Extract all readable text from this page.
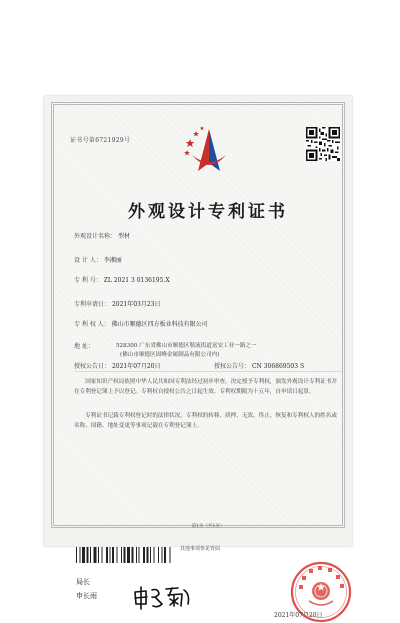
证书号第6721929号
外观设计专利证书
外观设计名称： 型材
设 计 人： 李湘丽
专 利 号： ZL 2021 3 0136195.X
专利申请日： 2021年03月23日
专 利 权 人： 佛山市顺德区四方板业科技有限公司
地 址：	528300 广东省佛山市顺德区勒流街道富安工业一路之一
(佛山市顺德区固峰金属制品有限公司内)
授权公告日： 2021年07月20日	授权公告号： CN 306869503 S
国家知识产权局依照中华人民共和国专利法经过初步审查，决定授予专利权，颁发外观设计专利证书并在专利登记簿上予以登记。专利权自授权公告之日起生效。专利权期限为十五年，自申请日起算。
专利证书记载专利权登记时的法律状况。专利权的转移、质押、无效、终止、恢复和专利权人的姓名或名称、国籍、地址变更等事项记载在专利登记簿上。
局长
申长雨
2021年07月20日
第1页（共1页）
其他事项参见背面
